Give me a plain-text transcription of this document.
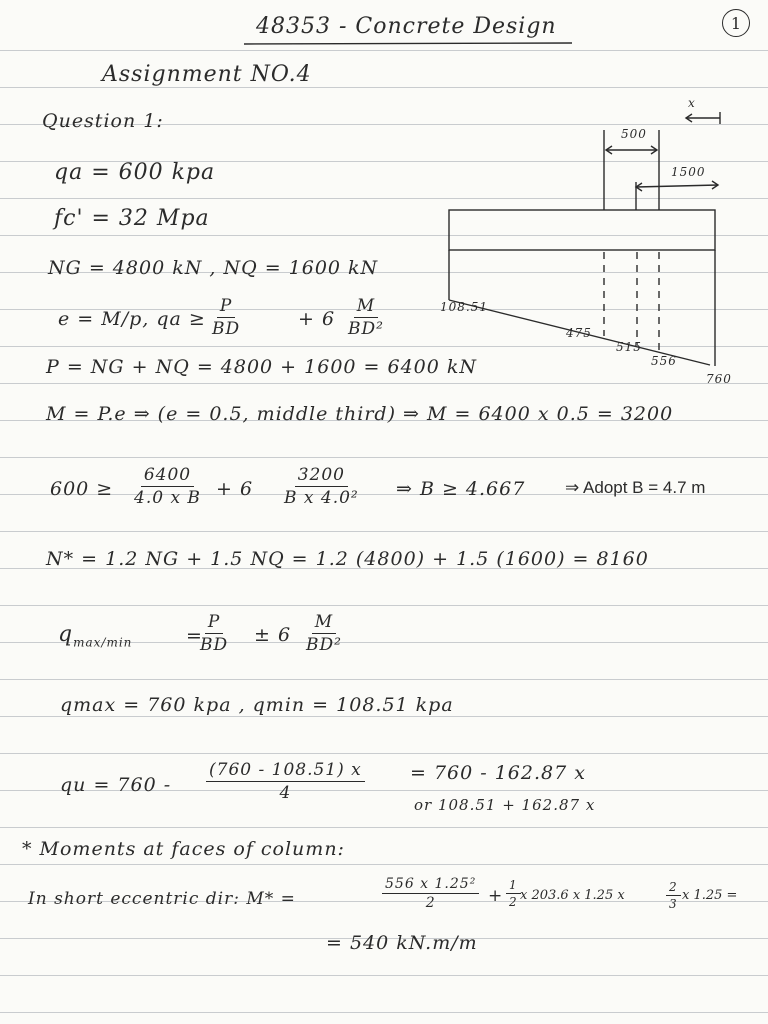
48353 - Concrete Design	1
Assignment NO.4
Question 1:
qa = 600 kpa
fc' = 32 Mpa
NG = 4800 kN , NQ = 1600 kN
e = M/p, qa ≥ $\frac{P}{BD}$	+ $6 \frac{M}{\text{BD²}}$
P = NG + NQ = 4800 + 1600 = 6400 kN
M = P.e ⇒ (e = 0.5, middle third) ⇒ M = 6400 x 0.5 = 3200
$600 \ge \frac{6400}{\text{4.0 x B}} + 6 \frac{3200}{\text{B x 4.0²}}$ ⇒ B ≥ 4.667 ⇒ Adopt B = 4.7 m
N* = 1.2 NG + 1.5 NQ = 1.2 (4800) + 1.5 (1600) = 8160
$q_{max/min}$	=
$\frac{P}{BD} \pm 6 \frac{M}{\text{BD²}}$
qmax = 760 kpa , qmin = 108.51 kpa
qu = $760 - \frac{(760 - 108.51) x}{4} = 760 - 162.87$ x
or 108.51 + 162.87 x
* Moments at faces of column:
In short eccentric dir: M* =	$\frac{\text{556 x 1.25²}}{2} + \frac{1}{2}$ x 203.6 x 1.25 x	$\frac{2}{3}$ x 1.25 =
= 540 kN.m/m
500
1500
x
108.51
475
515
556
760
